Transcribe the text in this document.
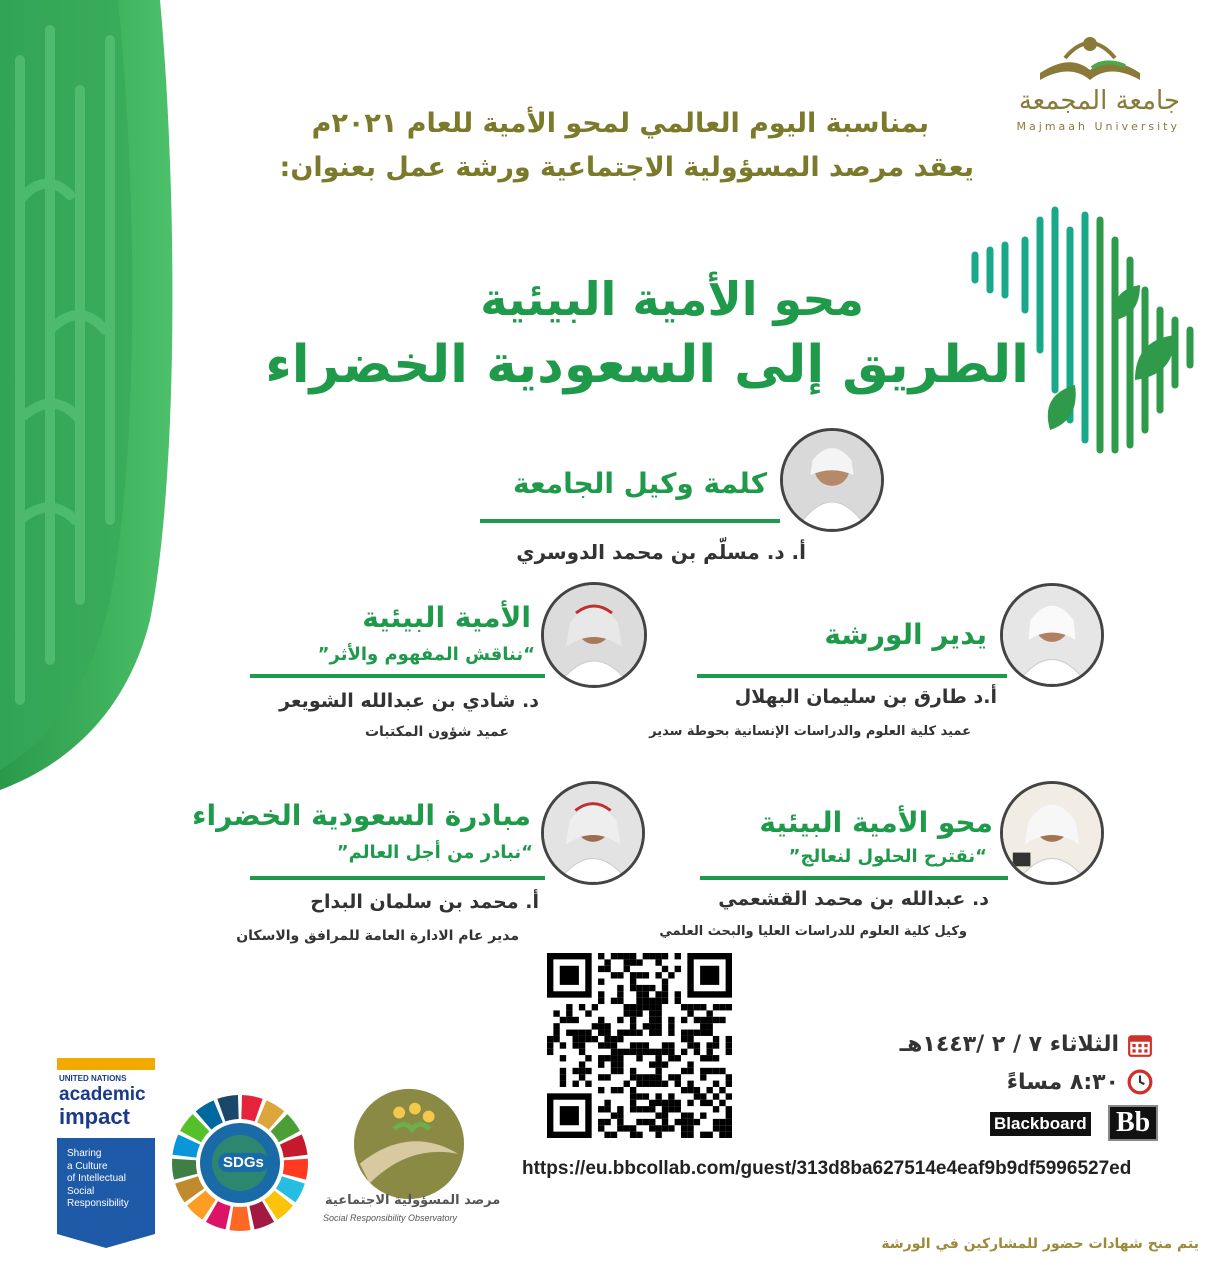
جامعة المجمعة
Majmaah University
بمناسبة اليوم العالمي لمحو الأمية للعام ٢٠٢١م
يعقد مرصد المسؤولية الاجتماعية ورشة عمل بعنوان:
محو الأمية البيئية
الطريق إلى السعودية الخضراء
كلمة وكيل الجامعة
أ. د. مسلّم بن محمد الدوسري
يدير الورشة
أ.د طارق بن سليمان البهلال
عميد كلية العلوم والدراسات الإنسانية بحوطة سدير
الأمية البيئية
“نناقش المفهوم والأثر”
د. شادي بن عبدالله الشويعر
عميد شؤون المكتبات
محو الأمية البيئية
“نقترح الحلول لنعالج”
د. عبدالله بن محمد القشعمي
وكيل كلية العلوم للدراسات العليا والبحث العلمي
مبادرة السعودية الخضراء
“نبادر من أجل العالم”
أ. محمد بن سلمان البداح
مدير عام الادارة العامة للمرافق والاسكان
الثلاثاء ٧ / ٢ /١٤٤٣هـ
٨:٣٠ مساءً
Blackboard Bb
https://eu.bbcollab.com/guest/313d8ba627514e4eaf9b9df5996527ed
UNITED NATIONS
academic
impact
Sharing
a Culture
of Intellectual
Social
Responsibility
SDGs
مرصد المسؤولية الاجتماعية
Social Responsibility Observatory
يتم منح شهادات حضور للمشاركين في الورشة
